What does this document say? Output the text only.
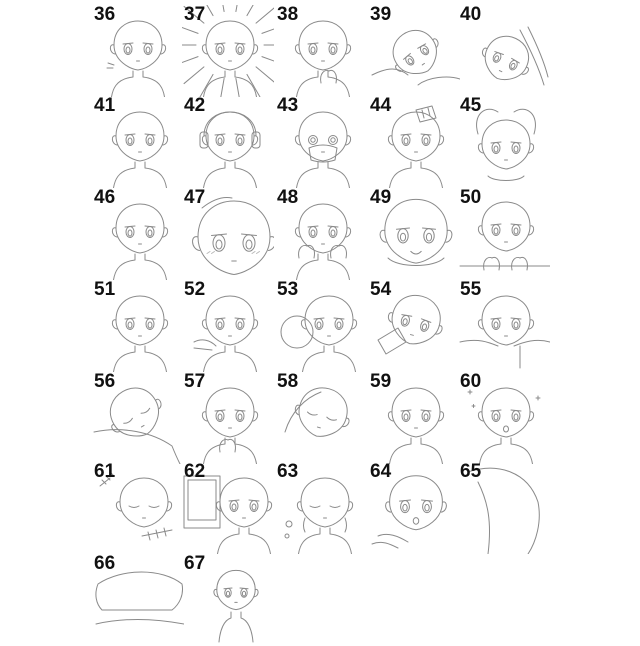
36	37	38	39	40
41	42	43	44	45
46	47	48	49	50
51	52	53	54	55
56	57	58	59	60
61	62	63	64	65
66	67
